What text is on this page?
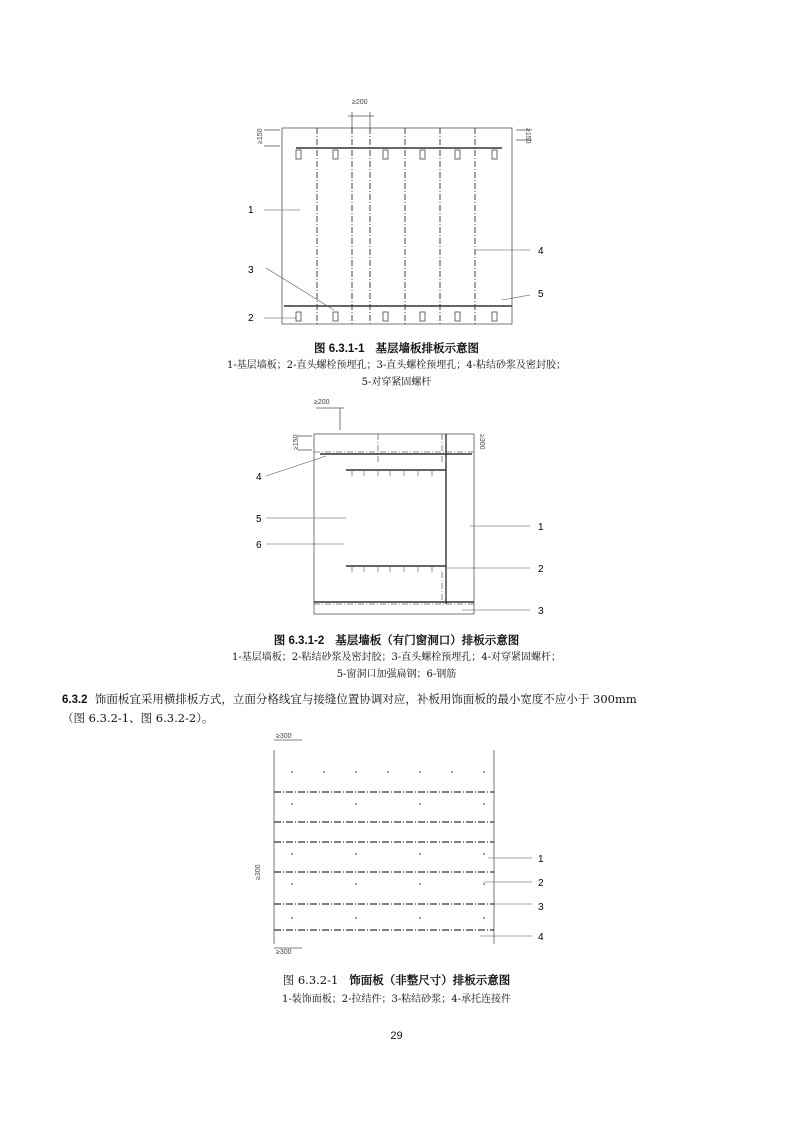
≥200
≥150	≥150
1
2
3
4
5
图 6.3.1-1 基层墙板排板示意图
1-基层墙板；2-直头螺栓预埋孔；3-直头螺栓预埋孔；4-粘结砂浆及密封胶；
5-对穿紧固螺杆
≥200
≥150	≥300
4
5
6
1
2
3
图 6.3.1-2 基层墙板（有门窗洞口）排板示意图
1-基层墙板；2-粘结砂浆及密封胶；3-直头螺栓预埋孔；4-对穿紧固螺杆；
5-窗洞口加强扁钢；6-钢筋
6.3.2 饰面板宜采用横排板方式，立面分格线宜与接缝位置协调对应，补板用饰面板的最小宽度不应小于 300mm
（图 6.3.2-1、图 6.3.2-2）。
≥300
≥300
≥300
1
2
3
4
图 6.3.2-1 饰面板（非整尺寸）排板示意图
1-装饰面板；2-拉结件；3-粘结砂浆；4-承托连接件
29
